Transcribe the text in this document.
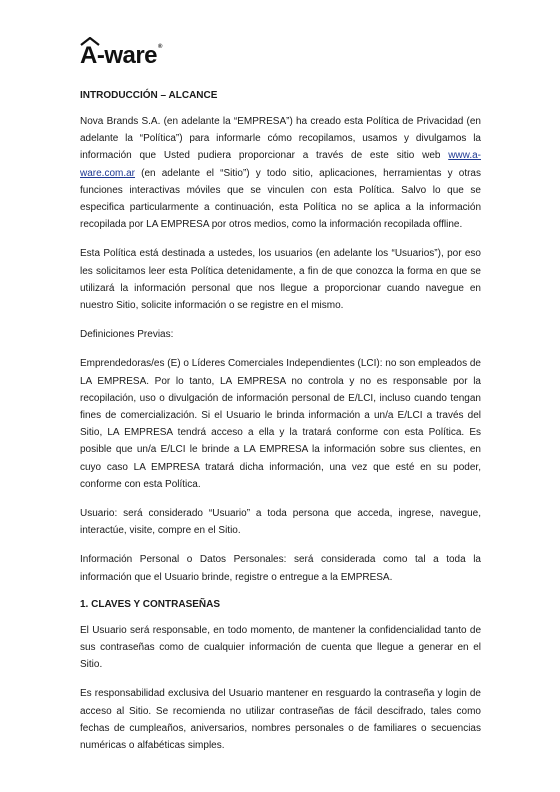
A-ware®
INTRODUCCIÓN – ALCANCE

Nova Brands S.A. (en adelante la “EMPRESA”) ha creado esta Política de Privacidad (en adelante la “Política”) para informarle cómo recopilamos, usamos y divulgamos la información que Usted pudiera proporcionar a través de este sitio web www.a-ware.com.ar (en adelante el “Sitio”) y todo sitio, aplicaciones, herramientas y otras funciones interactivas móviles que se vinculen con esta Política. Salvo lo que se especifica particularmente a continuación, esta Política no se aplica a la información recopilada por LA EMPRESA por otros medios, como la información recopilada offline.

Esta Política está destinada a ustedes, los usuarios (en adelante los “Usuarios”), por eso les solicitamos leer esta Política detenidamente, a fin de que conozca la forma en que se utilizará la información personal que nos llegue a proporcionar cuando navegue en nuestro Sitio, solicite información o se registre en el mismo.

Definiciones Previas:

Emprendedoras/es (E) o Líderes Comerciales Independientes (LCI): no son empleados de LA EMPRESA. Por lo tanto, LA EMPRESA no controla y no es responsable por la recopilación, uso o divulgación de información personal de E/LCI, incluso cuando tengan fines de comercialización. Si el Usuario le brinda información a un/a E/LCI a través del Sitio, LA EMPRESA tendrá acceso a ella y la tratará conforme con esta Política. Es posible que un/a E/LCI le brinde a LA EMPRESA la información sobre sus clientes, en cuyo caso LA EMPRESA tratará dicha información, una vez que esté en su poder, conforme con esta Política.

Usuario: será considerado “Usuario” a toda persona que acceda, ingrese, navegue, interactúe, visite, compre en el Sitio.

Información Personal o Datos Personales: será considerada como tal a toda la información que el Usuario brinde, registre o entregue a la EMPRESA.

1. CLAVES Y CONTRASEÑAS

El Usuario será responsable, en todo momento, de mantener la confidencialidad tanto de sus contraseñas como de cualquier información de cuenta que llegue a generar en el Sitio.

Es responsabilidad exclusiva del Usuario mantener en resguardo la contraseña y login de acceso al Sitio. Se recomienda no utilizar contraseñas de fácil descifrado, tales como fechas de cumpleaños, aniversarios, nombres personales o de familiares o secuencias numéricas o alfabéticas simples.
